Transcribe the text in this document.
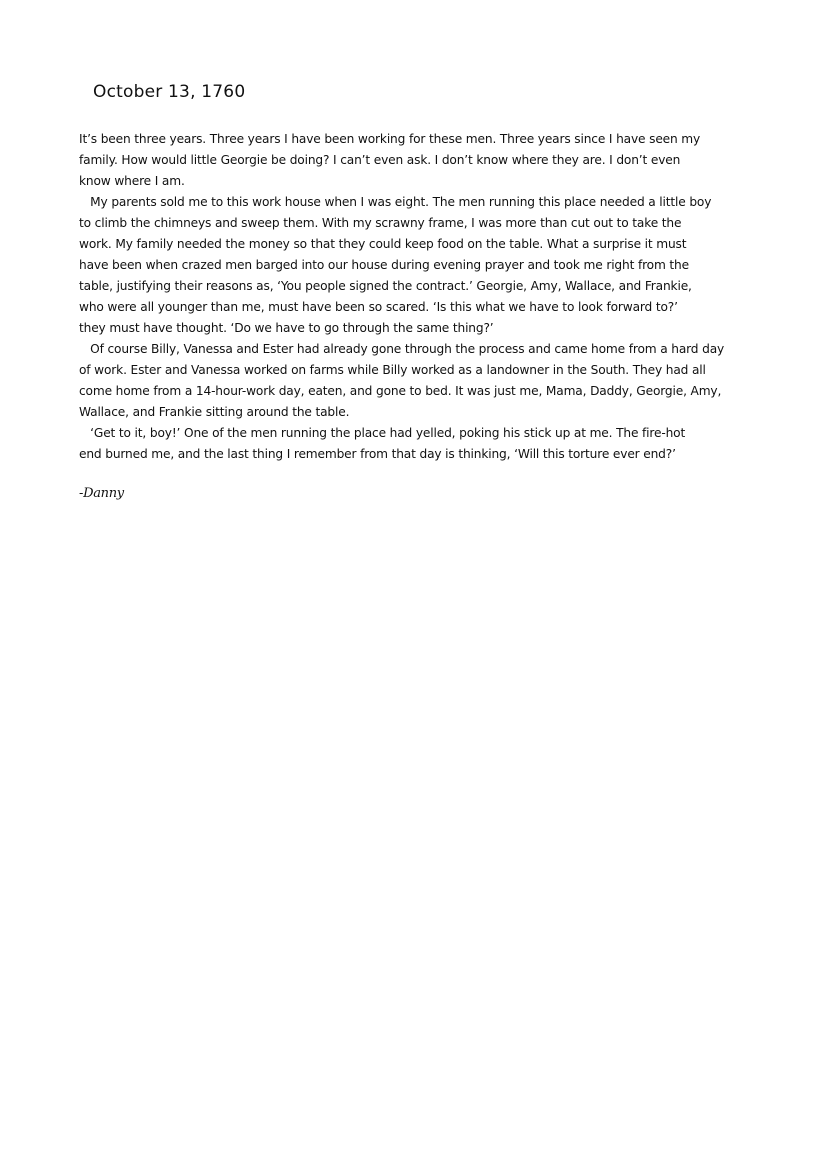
October 13, 1760
It’s been three years. Three years I have been working for these men. Three years since I have seen my
family. How would little Georgie be doing? I can’t even ask. I don’t know where they are. I don’t even
know where I am.
My parents sold me to this work house when I was eight. The men running this place needed a little boy
to climb the chimneys and sweep them. With my scrawny frame, I was more than cut out to take the
work. My family needed the money so that they could keep food on the table. What a surprise it must
have been when crazed men barged into our house during evening prayer and took me right from the
table, justifying their reasons as, ‘You people signed the contract.’ Georgie, Amy, Wallace, and Frankie,
who were all younger than me, must have been so scared. ‘Is this what we have to look forward to?’
they must have thought. ‘Do we have to go through the same thing?’
Of course Billy, Vanessa and Ester had already gone through the process and came home from a hard day
of work. Ester and Vanessa worked on farms while Billy worked as a landowner in the South. They had all
come home from a 14-hour-work day, eaten, and gone to bed. It was just me, Mama, Daddy, Georgie, Amy,
Wallace, and Frankie sitting around the table.
‘Get to it, boy!’ One of the men running the place had yelled, poking his stick up at me. The fire-hot
end burned me, and the last thing I remember from that day is thinking, ‘Will this torture ever end?’
-Danny
